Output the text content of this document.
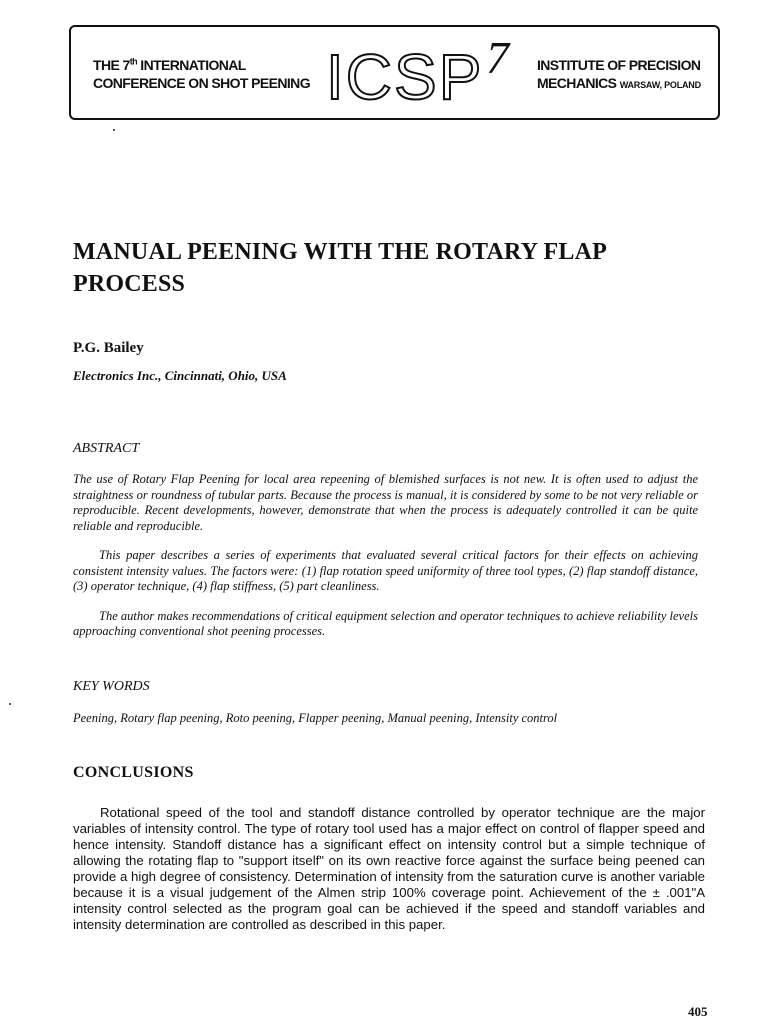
THE 7th INTERNATIONAL
CONFERENCE ON SHOT PEENING ICSP 7 INSTITUTE OF PRECISION
MECHANICS WARSAW, POLAND
MANUAL PEENING WITH THE ROTARY FLAP PROCESS
P.G. Bailey
Electronics Inc., Cincinnati, Ohio, USA
ABSTRACT

The use of Rotary Flap Peening for local area repeening of blemished surfaces is not new. It is often used to adjust the straightness or roundness of tubular parts. Because the process is manual, it is considered by some to be not very reliable or reproducible. Recent developments, however, demonstrate that when the process is adequately controlled it can be quite reliable and reproducible.

This paper describes a series of experiments that evaluated several critical factors for their effects on achieving consistent intensity values. The factors were: (1) flap rotation speed uniformity of three tool types, (2) flap standoff distance, (3) operator technique, (4) flap stiffness, (5) part cleanliness.

The author makes recommendations of critical equipment selection and operator techniques to achieve reliability levels approaching conventional shot peening processes.

KEY WORDS
Peening, Rotary flap peening, Roto peening, Flapper peening, Manual peening, Intensity control
CONCLUSIONS

Rotational speed of the tool and standoff distance controlled by operator technique are the major variables of intensity control. The type of rotary tool used has a major effect on control of flapper speed and hence intensity. Standoff distance has a significant effect on intensity control but a simple technique of allowing the rotating flap to "support itself" on its own reactive force against the surface being peened can provide a high degree of consistency. Determination of intensity from the saturation curve is another variable because it is a visual judgement of the Almen strip 100% coverage point. Achievement of the ± .001"A intensity control selected as the program goal can be achieved if the speed and standoff variables and intensity determination are controlled as described in this paper.

405
